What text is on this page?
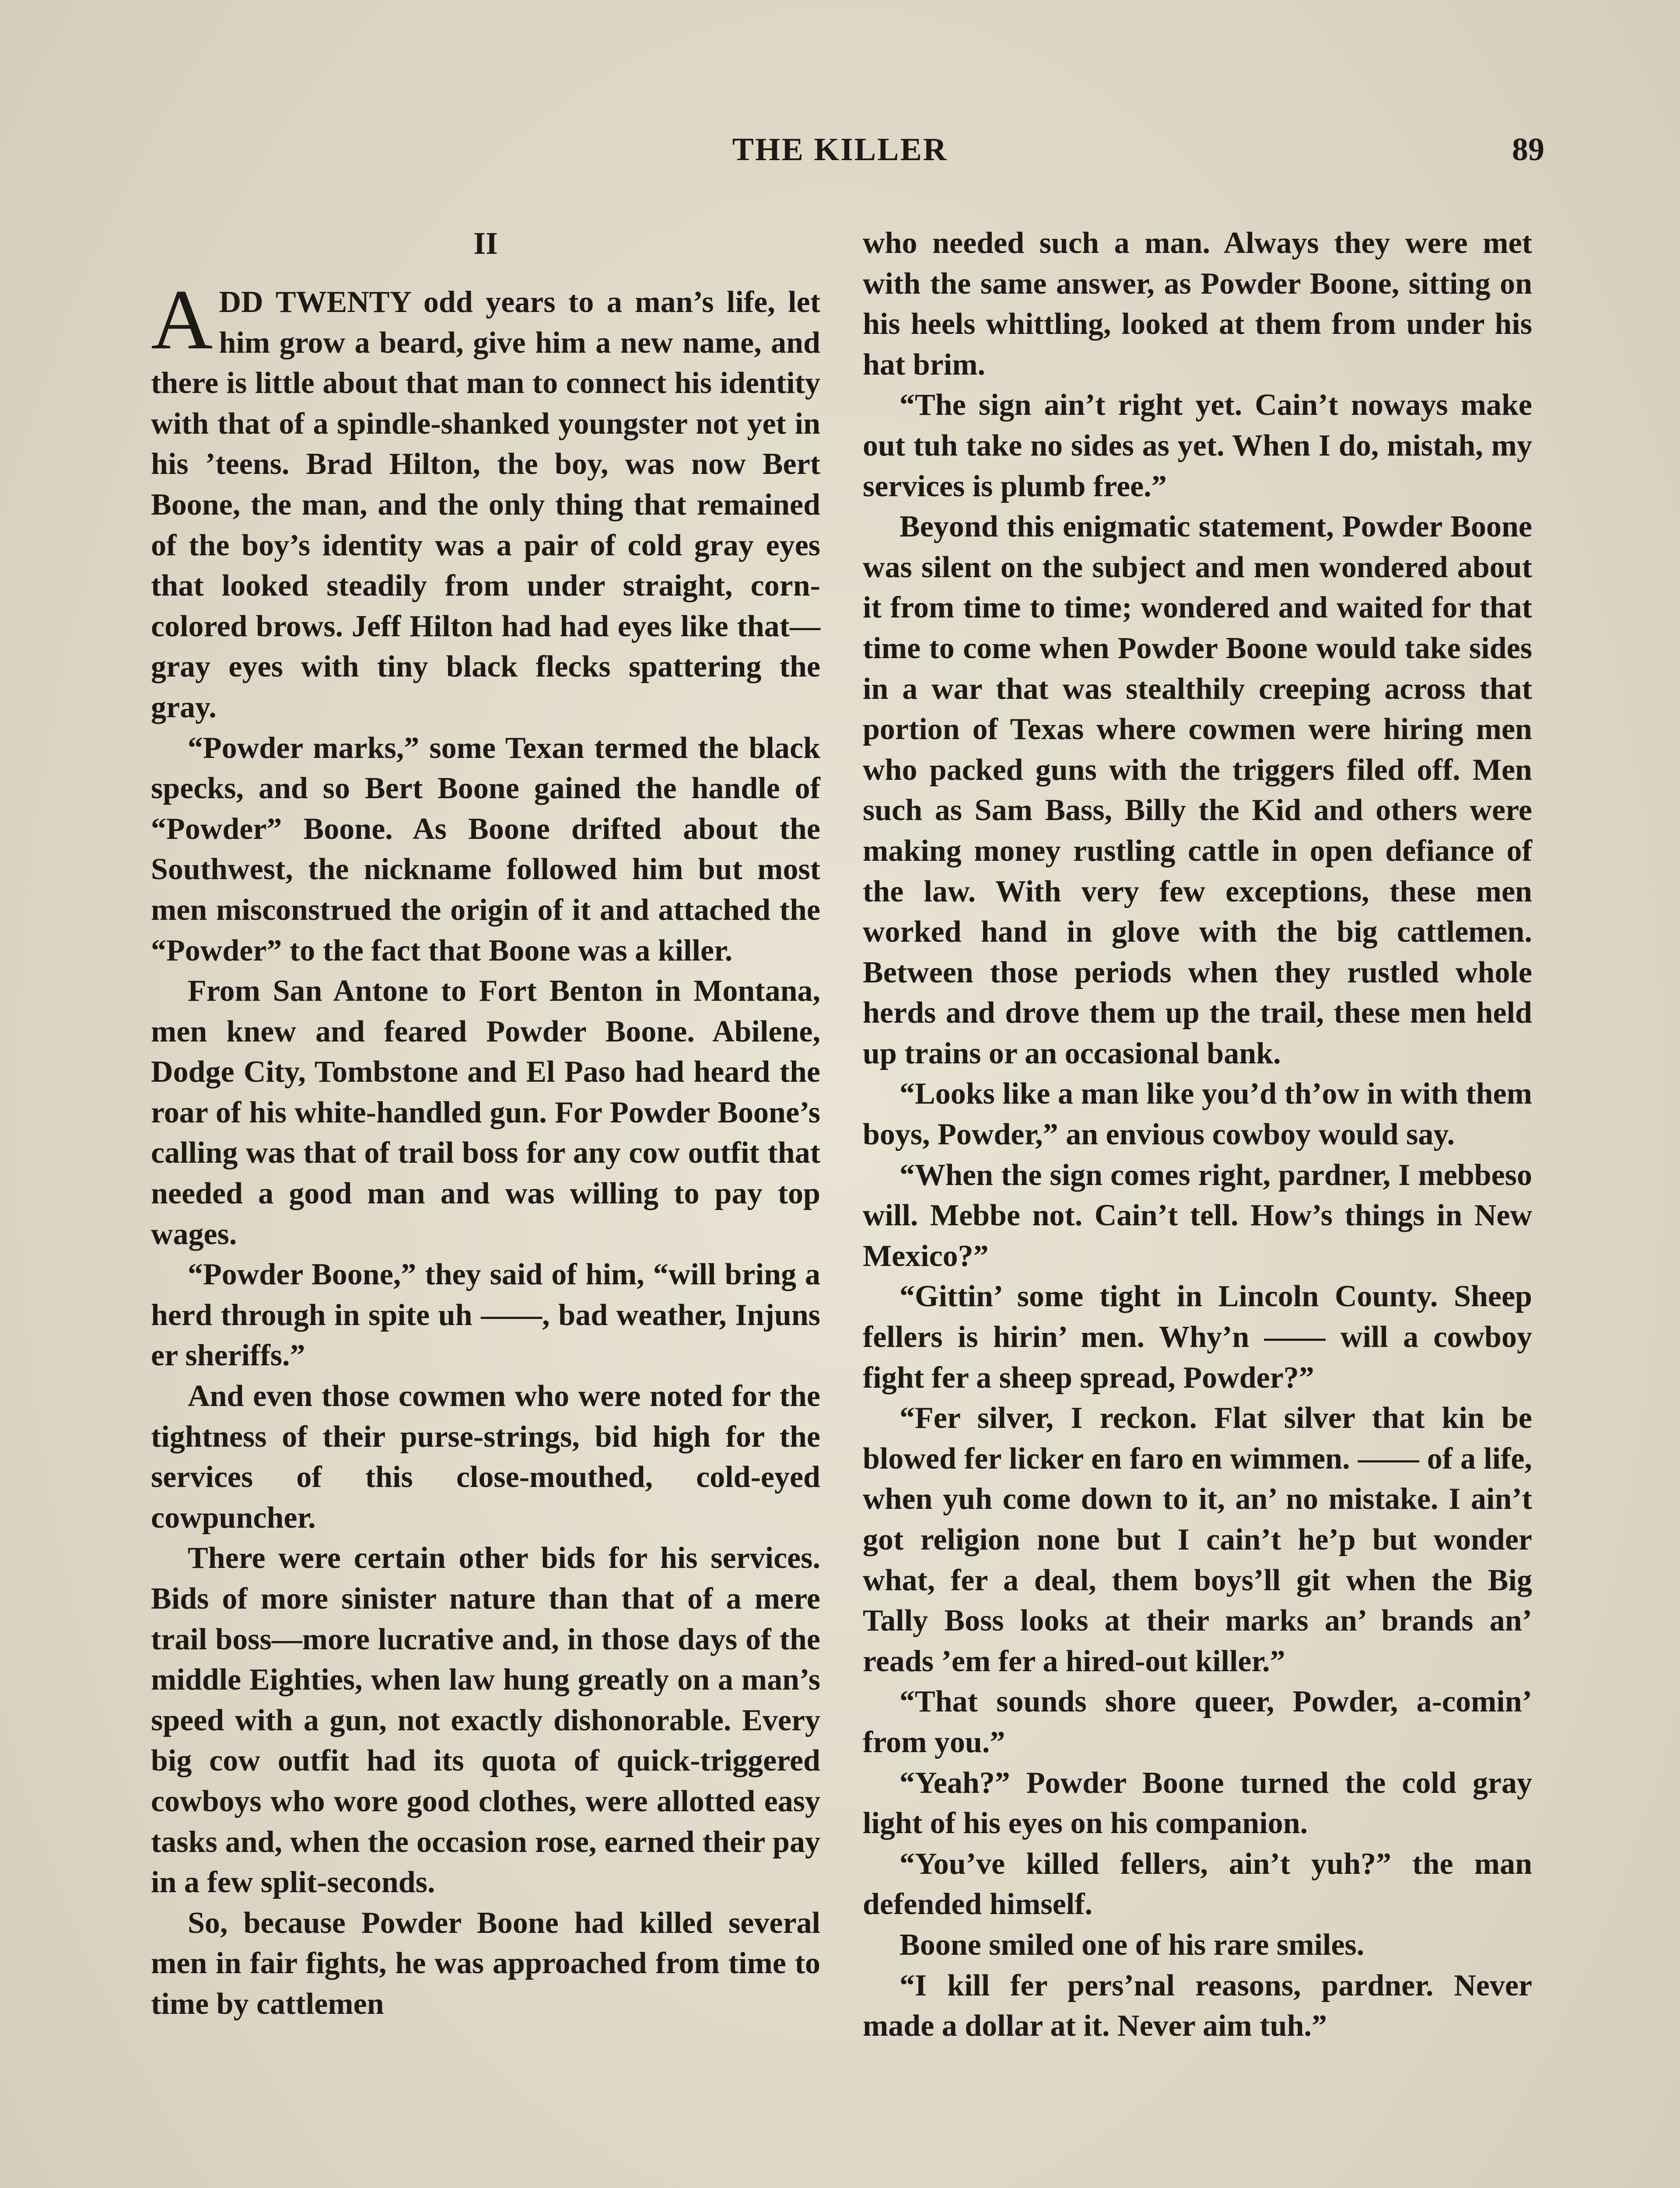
THE KILLER	89
II

ADD TWENTY odd years to a man’s life, let him grow a beard, give him a new name, and there is little about that man to connect his identity with that of a spindle-shanked youngster not yet in his ’teens. Brad Hilton, the boy, was now Bert Boone, the man, and the only thing that remained of the boy’s identity was a pair of cold gray eyes that looked steadily from under straight, corn-colored brows. Jeff Hilton had had eyes like that—gray eyes with tiny black flecks spattering the gray.

“Powder marks,” some Texan termed the black specks, and so Bert Boone gained the handle of “Powder” Boone. As Boone drifted about the Southwest, the nickname followed him but most men misconstrued the origin of it and attached the “Powder” to the fact that Boone was a killer.

From San Antone to Fort Benton in Montana, men knew and feared Powder Boone. Abilene, Dodge City, Tombstone and El Paso had heard the roar of his white-handled gun. For Powder Boone’s calling was that of trail boss for any cow outfit that needed a good man and was willing to pay top wages.

“Powder Boone,” they said of him, “will bring a herd through in spite uh ——, bad weather, Injuns er sheriffs.”

And even those cowmen who were noted for the tightness of their purse-strings, bid high for the services of this close-mouthed, cold-eyed cowpuncher.

There were certain other bids for his services. Bids of more sinister nature than that of a mere trail boss—more lucrative and, in those days of the middle Eighties, when law hung greatly on a man’s speed with a gun, not exactly dishonorable. Every big cow outfit had its quota of quick-triggered cowboys who wore good clothes, were allotted easy tasks and, when the occasion rose, earned their pay in a few split-seconds.

So, because Powder Boone had killed several men in fair fights, he was approached from time to time by cattlemen

who needed such a man. Always they were met with the same answer, as Powder Boone, sitting on his heels whittling, looked at them from under his hat brim.

“The sign ain’t right yet. Cain’t noways make out tuh take no sides as yet. When I do, mistah, my services is plumb free.”

Beyond this enigmatic statement, Powder Boone was silent on the subject and men wondered about it from time to time; wondered and waited for that time to come when Powder Boone would take sides in a war that was stealthily creeping across that portion of Texas where cowmen were hiring men who packed guns with the triggers filed off. Men such as Sam Bass, Billy the Kid and others were making money rustling cattle in open defiance of the law. With very few exceptions, these men worked hand in glove with the big cattlemen. Between those periods when they rustled whole herds and drove them up the trail, these men held up trains or an occasional bank.

“Looks like a man like you’d th’ow in with them boys, Powder,” an envious cowboy would say.

“When the sign comes right, pardner, I mebbeso will. Mebbe not. Cain’t tell. How’s things in New Mexico?”

“Gittin’ some tight in Lincoln County. Sheep fellers is hirin’ men. Why’n —— will a cowboy fight fer a sheep spread, Powder?”

“Fer silver, I reckon. Flat silver that kin be blowed fer licker en faro en wimmen. —— of a life, when yuh come down to it, an’ no mistake. I ain’t got religion none but I cain’t he’p but wonder what, fer a deal, them boys’ll git when the Big Tally Boss looks at their marks an’ brands an’ reads ’em fer a hired-out killer.”

“That sounds shore queer, Powder, a-comin’ from you.”

“Yeah?” Powder Boone turned the cold gray light of his eyes on his companion.

“You’ve killed fellers, ain’t yuh?” the man defended himself.

Boone smiled one of his rare smiles.

“I kill fer pers’nal reasons, pardner. Never made a dollar at it. Never aim tuh.”
